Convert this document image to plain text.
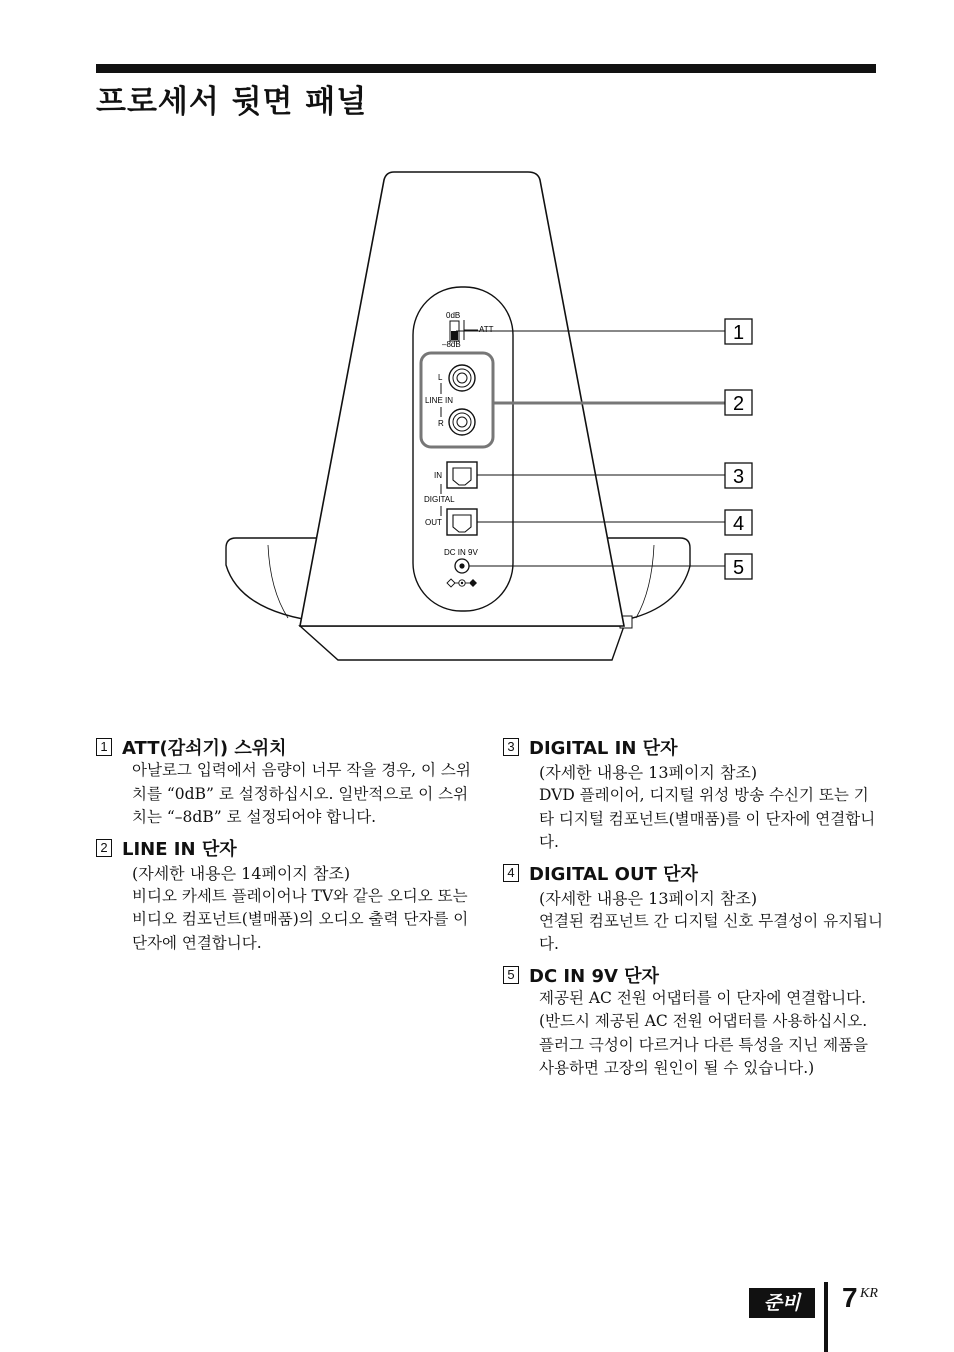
프로세서 뒷면 패널
0dB
ATT
–8dB
L
LINE IN
R
IN
DIGITAL
OUT
DC IN 9V
1
2
3
4
5
1 ATT(감쇠기) 스위치
아날로그 입력에서 음량이 너무 작을 경우, 이 스위치를 “0dB” 로 설정하십시오. 일반적으로 이 스위치는 “–8dB” 로 설정되어야 합니다.
2 LINE IN 단자
(자세한 내용은 14페이지 참조)
비디오 카세트 플레이어나 TV와 같은 오디오 또는 비디오 컴포넌트(별매품)의 오디오 출력 단자를 이 단자에 연결합니다.
3 DIGITAL IN 단자
(자세한 내용은 13페이지 참조)
DVD 플레이어, 디지털 위성 방송 수신기 또는 기타 디지털 컴포넌트(별매품)를 이 단자에 연결합니다.
4 DIGITAL OUT 단자
(자세한 내용은 13페이지 참조)
연결된 컴포넌트 간 디지털 신호 무결성이 유지됩니다.
5 DC IN 9V 단자
제공된 AC 전원 어댑터를 이 단자에 연결합니다. (반드시 제공된 AC 전원 어댑터를 사용하십시오. 플러그 극성이 다르거나 다른 특성을 지닌 제품을 사용하면 고장의 원인이 될 수 있습니다.)
준비	7 KR
